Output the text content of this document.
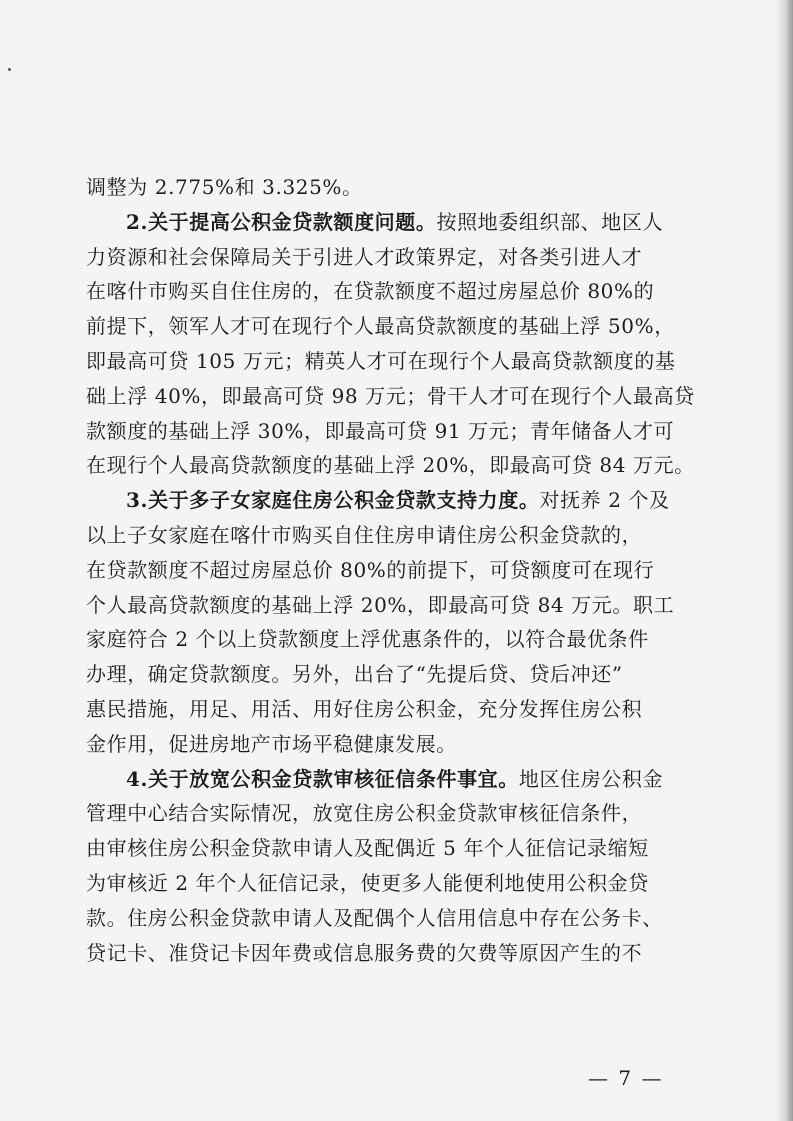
调整为 2.775%和 3.325%。
2.关于提高公积金贷款额度问题。按照地委组织部、地区人
力资源和社会保障局关于引进人才政策界定，对各类引进人才
在喀什市购买自住住房的，在贷款额度不超过房屋总价 80%的
前提下，领军人才可在现行个人最高贷款额度的基础上浮 50%，
即最高可贷 105 万元；精英人才可在现行个人最高贷款额度的基
础上浮 40%，即最高可贷 98 万元；骨干人才可在现行个人最高贷
款额度的基础上浮 30%，即最高可贷 91 万元；青年储备人才可
在现行个人最高贷款额度的基础上浮 20%，即最高可贷 84 万元。
3.关于多子女家庭住房公积金贷款支持力度。对抚养 2 个及
以上子女家庭在喀什市购买自住住房申请住房公积金贷款的，
在贷款额度不超过房屋总价 80%的前提下，可贷额度可在现行
个人最高贷款额度的基础上浮 20%，即最高可贷 84 万元。职工
家庭符合 2 个以上贷款额度上浮优惠条件的，以符合最优条件
办理，确定贷款额度。另外，出台了“先提后贷、贷后冲还”
惠民措施，用足、用活、用好住房公积金，充分发挥住房公积
金作用，促进房地产市场平稳健康发展。
4.关于放宽公积金贷款审核征信条件事宜。地区住房公积金
管理中心结合实际情况，放宽住房公积金贷款审核征信条件，
由审核住房公积金贷款申请人及配偶近 5 年个人征信记录缩短
为审核近 2 年个人征信记录，使更多人能便利地使用公积金贷
款。住房公积金贷款申请人及配偶个人信用信息中存在公务卡、
贷记卡、准贷记卡因年费或信息服务费的欠费等原因产生的不
— 7 —
